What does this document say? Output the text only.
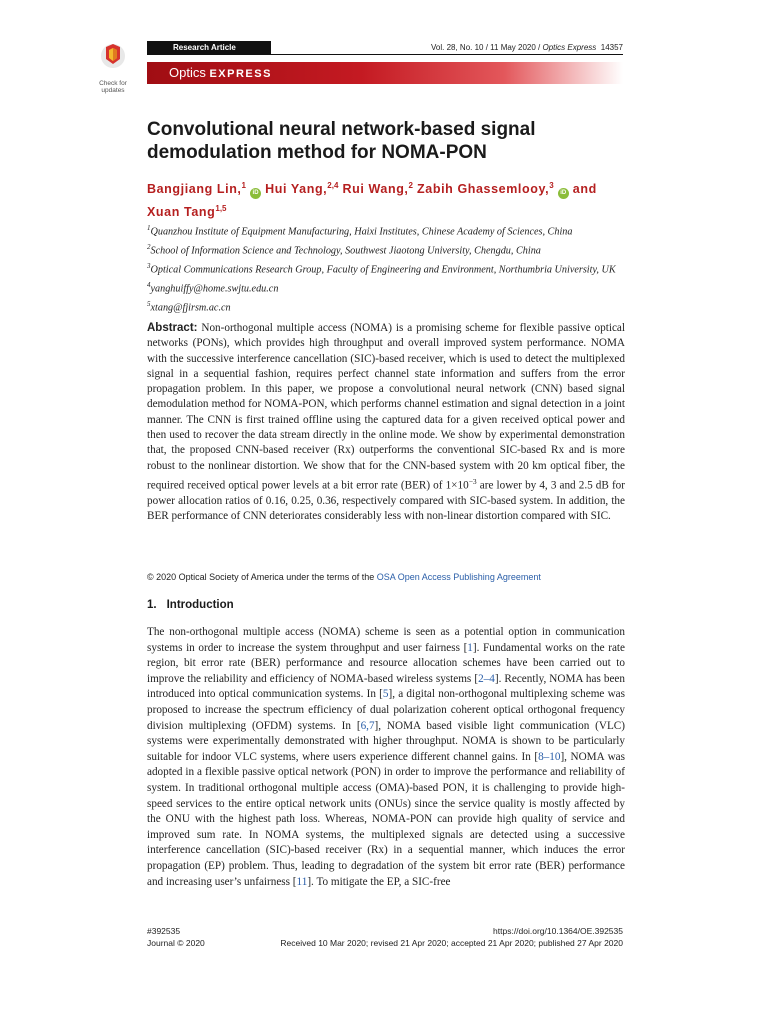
Check for updates
Research Article	Vol. 28, No. 10 / 11 May 2020 / Optics Express 14357
Optics EXPRESS
Convolutional neural network-based signal demodulation method for NOMA-PON
Bangjiang Lin,$^1$ iD Hui Yang,$^{2,4}$ Rui Wang,$^2$ Zabih Ghassemlooy,$^3$ iD and Xuan Tang$^{1,5}$
$^1$Quanzhou Institute of Equipment Manufacturing, Haixi Institutes, Chinese Academy of Sciences, China
$^2$School of Information Science and Technology, Southwest Jiaotong University, Chengdu, China
$^3$Optical Communications Research Group, Faculty of Engineering and Environment, Northumbria University, UK
$^4$yanghuiffy@home.swjtu.edu.cn
$^5$xtang@fjirsm.ac.cn
Abstract: Non-orthogonal multiple access (NOMA) is a promising scheme for flexible passive optical networks (PONs), which provides high throughput and overall improved system performance. NOMA with the successive interference cancellation (SIC)-based receiver, which is used to detect the multiplexed signal in a sequential fashion, requires perfect channel state information and suffers from the error propagation problem. In this paper, we propose a convolutional neural network (CNN) based signal demodulation method for NOMA-PON, which performs channel estimation and signal detection in a joint manner. The CNN is first trained offline using the captured data for a given received optical power and then used to recover the data stream directly in the online mode. We show by experimental demonstration that, the proposed CNN-based receiver (Rx) outperforms the conventional SIC-based Rx and is more robust to the nonlinear distortion. We show that for the CNN-based system with 20 km optical fiber, the required received optical power levels at a bit error rate (BER) of $1\times 10^{-3}$ are lower by 4, 3 and 2.5 dB for power allocation ratios of 0.16, 0.25, 0.36, respectively compared with SIC-based system. In addition, the BER performance of CNN deteriorates considerably less with non-linear distortion compared with SIC.
© 2020 Optical Society of America under the terms of the OSA Open Access Publishing Agreement
1. Introduction

The non-orthogonal multiple access (NOMA) scheme is seen as a potential option in communication systems in order to increase the system throughput and user fairness [1]. Fundamental works on the rate region, bit error rate (BER) performance and resource allocation schemes have been carried out to improve the reliability and efficiency of NOMA-based wireless systems [2–4]. Recently, NOMA has been introduced into optical communication systems. In [5], a digital non-orthogonal multiplexing scheme was proposed to increase the spectrum efficiency of dual polarization coherent optical orthogonal frequency division multiplexing (OFDM) systems. In [6,7], NOMA based visible light communication (VLC) systems were experimentally demonstrated with higher throughput. NOMA is shown to be particularly suitable for indoor VLC systems, where users experience different channel gains. In [8–10], NOMA was adopted in a flexible passive optical network (PON) in order to improve the performance and reliability of system. In traditional orthogonal multiple access (OMA)-based PON, it is challenging to provide high-speed services to the entire optical network units (ONUs) since the service quality is mostly affected by the ONU with the highest path loss. Whereas, NOMA-PON can provide high quality of service and improved sum rate. In NOMA systems, the multiplexed signals are detected using a successive interference cancellation (SIC)-based receiver (Rx) in a sequential manner, which induces the error propagation (EP) problem. Thus, leading to degradation of the system bit error rate (BER) performance and increasing user’s unfairness [11]. To mitigate the EP, a SIC-free

#392535	https://doi.org/10.1364/OE.392535
Journal © 2020	Received 10 Mar 2020; revised 21 Apr 2020; accepted 21 Apr 2020; published 27 Apr 2020
